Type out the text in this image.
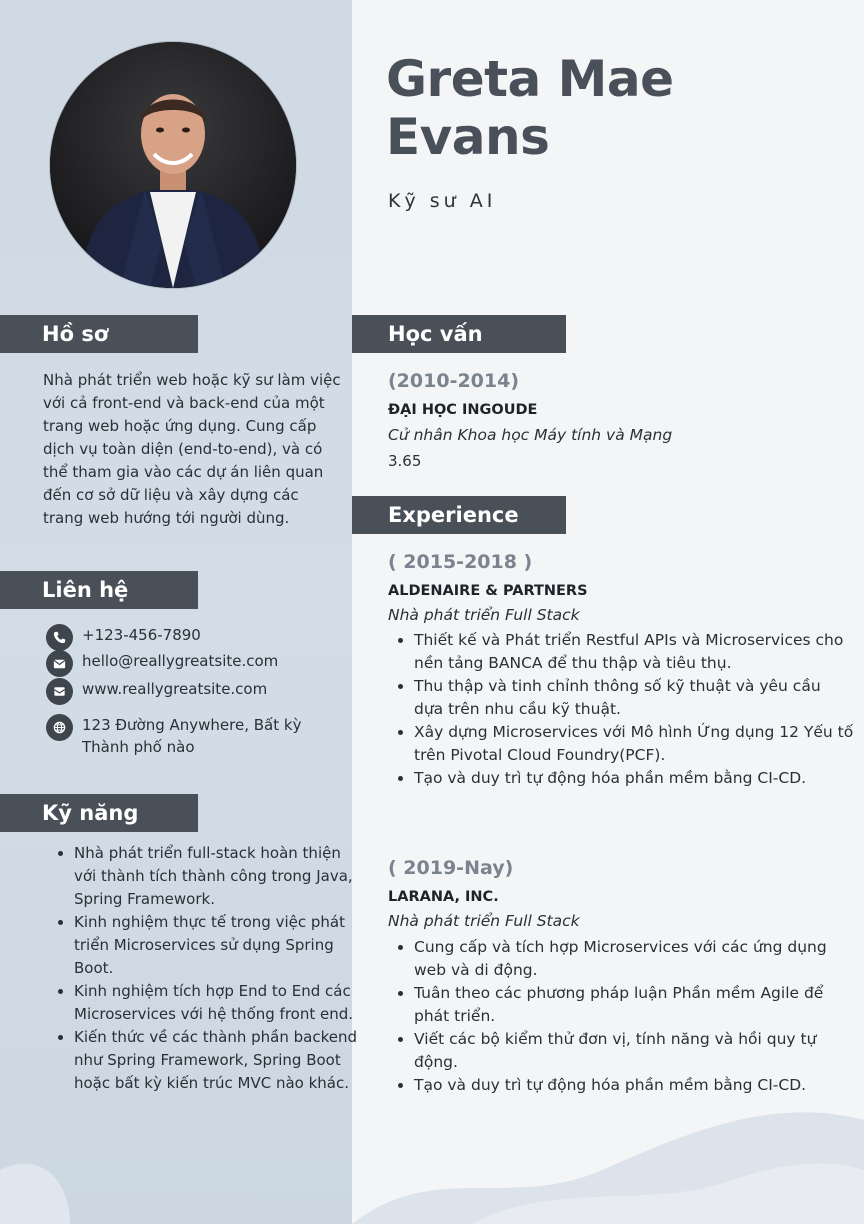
Greta Mae
Evans
Kỹ sư AI
Hồ sơ
Nhà phát triển web hoặc kỹ sư làm việc với cả front-end và back-end của một trang web hoặc ứng dụng. Cung cấp dịch vụ toàn diện (end-to-end), và có thể tham gia vào các dự án liên quan đến cơ sở dữ liệu và xây dựng các trang web hướng tới người dùng.
Liên hệ
+123-456-7890
hello@reallygreatsite.com
www.reallygreatsite.com
123 Đường Anywhere, Bất kỳ Thành phố nào
Kỹ năng
• Nhà phát triển full-stack hoàn thiện với thành tích thành công trong Java, Spring Framework.
• Kinh nghiệm thực tế trong việc phát triển Microservices sử dụng Spring Boot.
• Kinh nghiệm tích hợp End to End các Microservices với hệ thống front end.
• Kiến thức về các thành phần backend như Spring Framework, Spring Boot hoặc bất kỳ kiến trúc MVC nào khác.
Học vấn
(2010-2014)
ĐẠI HỌC INGOUDE
Cử nhân Khoa học Máy tính và Mạng
3.65
Experience
( 2015-2018 )
ALDENAIRE & PARTNERS
Nhà phát triển Full Stack
• Thiết kế và Phát triển Restful APIs và Microservices cho nền tảng BANCA để thu thập và tiêu thụ.
• Thu thập và tinh chỉnh thông số kỹ thuật và yêu cầu dựa trên nhu cầu kỹ thuật.
• Xây dựng Microservices với Mô hình Ứng dụng 12 Yếu tố trên Pivotal Cloud Foundry(PCF).
• Tạo và duy trì tự động hóa phần mềm bằng CI-CD.
( 2019-Nay)
LARANA, INC.
Nhà phát triển Full Stack
• Cung cấp và tích hợp Microservices với các ứng dụng web và di động.
• Tuân theo các phương pháp luận Phần mềm Agile để phát triển.
• Viết các bộ kiểm thử đơn vị, tính năng và hồi quy tự động.
• Tạo và duy trì tự động hóa phần mềm bằng CI-CD.
